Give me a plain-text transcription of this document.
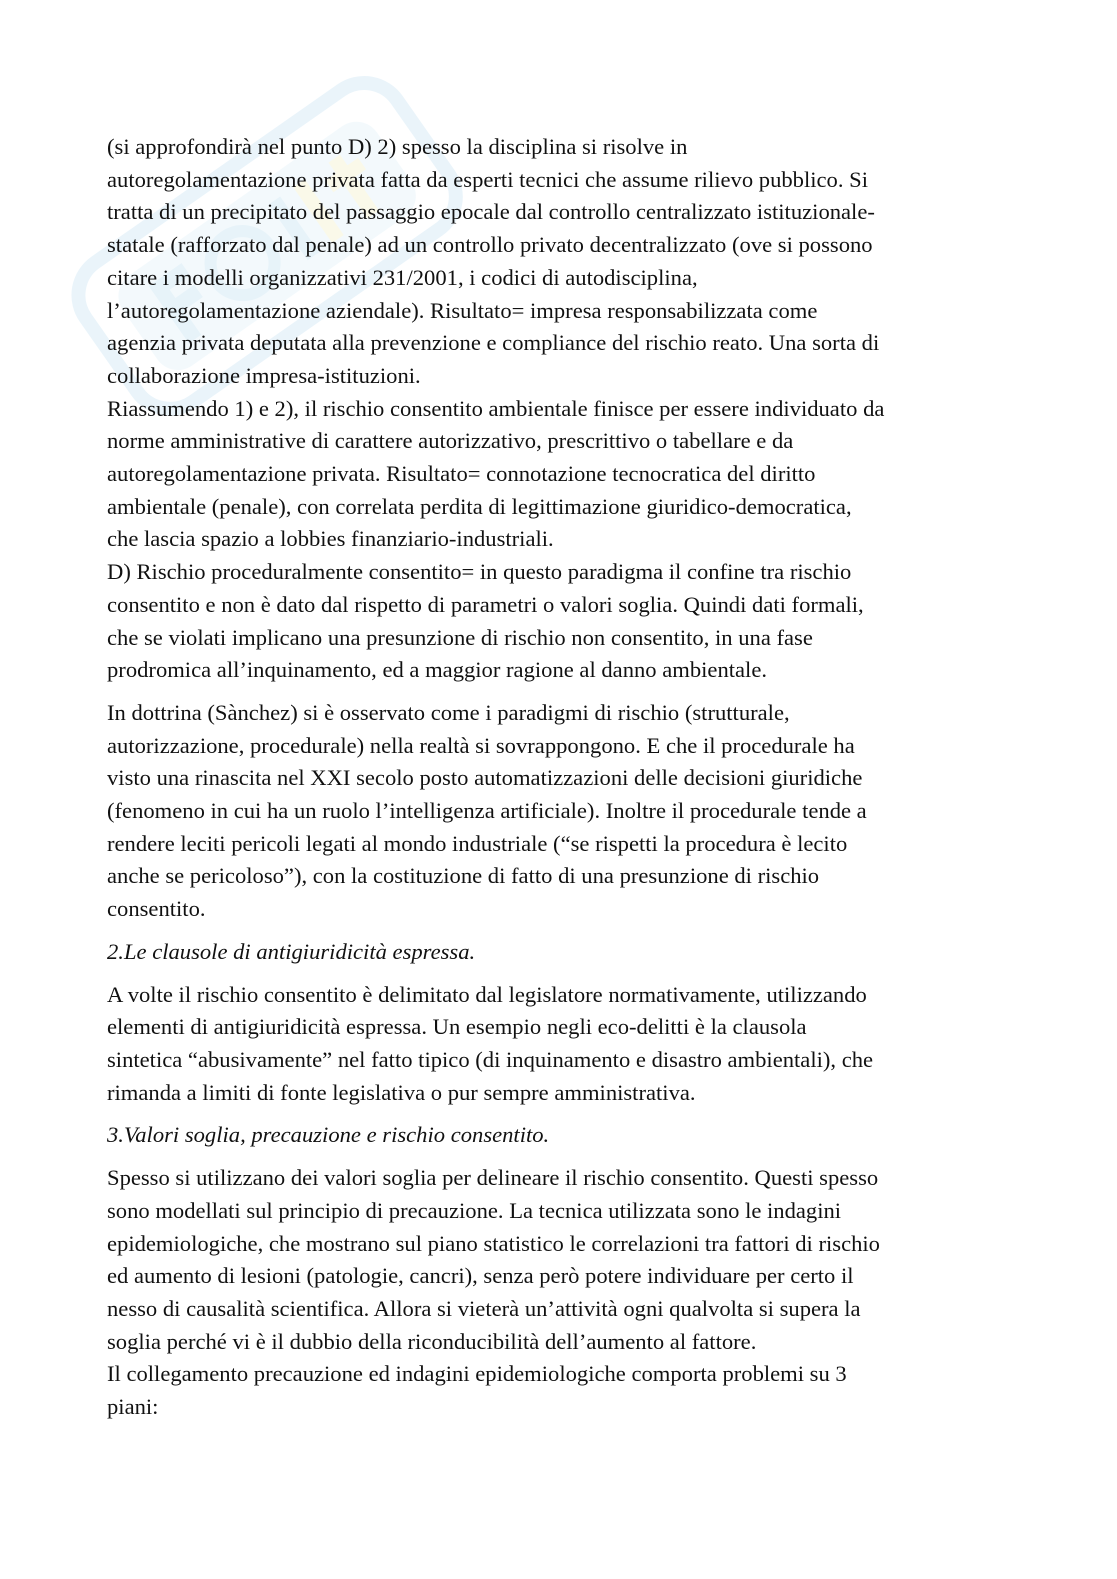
(si approfondirà nel punto D) 2) spesso la disciplina si risolve in
autoregolamentazione privata fatta da esperti tecnici che assume rilievo pubblico. Si
tratta di un precipitato del passaggio epocale dal controllo centralizzato istituzionale-
statale (rafforzato dal penale) ad un controllo privato decentralizzato (ove si possono
citare i modelli organizzativi 231/2001, i codici di autodisciplina,
l’autoregolamentazione aziendale). Risultato= impresa responsabilizzata come
agenzia privata deputata alla prevenzione e compliance del rischio reato. Una sorta di
collaborazione impresa-istituzioni.
Riassumendo 1) e 2), il rischio consentito ambientale finisce per essere individuato da
norme amministrative di carattere autorizzativo, prescrittivo o tabellare e da
autoregolamentazione privata. Risultato= connotazione tecnocratica del diritto
ambientale (penale), con correlata perdita di legittimazione giuridico-democratica,
che lascia spazio a lobbies finanziario-industriali.
D) Rischio proceduralmente consentito= in questo paradigma il confine tra rischio
consentito e non è dato dal rispetto di parametri o valori soglia. Quindi dati formali,
che se violati implicano una presunzione di rischio non consentito, in una fase
prodromica all’inquinamento, ed a maggior ragione al danno ambientale.

In dottrina (Sànchez) si è osservato come i paradigmi di rischio (strutturale,
autorizzazione, procedurale) nella realtà si sovrappongono. E che il procedurale ha
visto una rinascita nel XXI secolo posto automatizzazioni delle decisioni giuridiche
(fenomeno in cui ha un ruolo l’intelligenza artificiale). Inoltre il procedurale tende a
rendere leciti pericoli legati al mondo industriale (“se rispetti la procedura è lecito
anche se pericoloso”), con la costituzione di fatto di una presunzione di rischio
consentito.

2.Le clausole di antigiuridicità espressa.

A volte il rischio consentito è delimitato dal legislatore normativamente, utilizzando
elementi di antigiuridicità espressa. Un esempio negli eco-delitti è la clausola
sintetica “abusivamente” nel fatto tipico (di inquinamento e disastro ambientali), che
rimanda a limiti di fonte legislativa o pur sempre amministrativa.

3.Valori soglia, precauzione e rischio consentito.

Spesso si utilizzano dei valori soglia per delineare il rischio consentito. Questi spesso
sono modellati sul principio di precauzione. La tecnica utilizzata sono le indagini
epidemiologiche, che mostrano sul piano statistico le correlazioni tra fattori di rischio
ed aumento di lesioni (patologie, cancri), senza però potere individuare per certo il
nesso di causalità scientifica. Allora si vieterà un’attività ogni qualvolta si supera la
soglia perché vi è il dubbio della riconducibilità dell’aumento al fattore.
Il collegamento precauzione ed indagini epidemiologiche comporta problemi su 3
piani:
